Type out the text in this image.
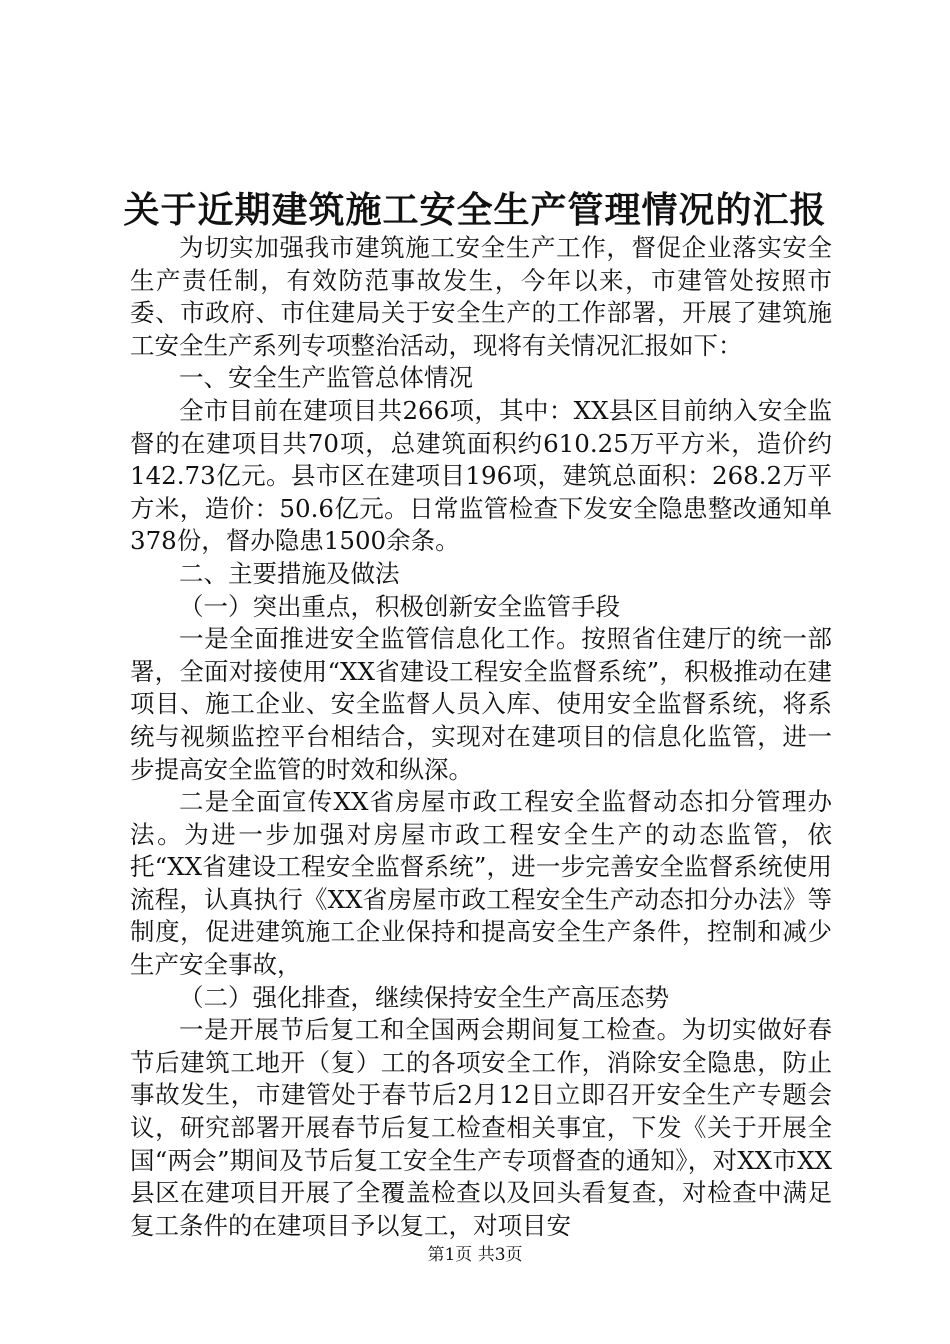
关于近期建筑施工安全生产管理情况的汇报

为切实加强我市建筑施工安全生产工作，督促企业落实安全生产责任制，有效防范事故发生，今年以来，市建管处按照市委、市政府、市住建局关于安全生产的工作部署，开展了建筑施工安全生产系列专项整治活动，现将有关情况汇报如下：

一、安全生产监管总体情况

全市目前在建项目共266项，其中：XX县区目前纳入安全监督的在建项目共70项，总建筑面积约610.25万平方米，造价约142.73亿元。县市区在建项目196项，建筑总面积：268.2万平方米，造价：50.6亿元。日常监管检查下发安全隐患整改通知单378份，督办隐患1500余条。

二、主要措施及做法

（一）突出重点，积极创新安全监管手段

一是全面推进安全监管信息化工作。按照省住建厅的统一部署，全面对接使用“XX省建设工程安全监督系统”，积极推动在建项目、施工企业、安全监督人员入库、使用安全监督系统，将系统与视频监控平台相结合，实现对在建项目的信息化监管，进一步提高安全监管的时效和纵深。

二是全面宣传XX省房屋市政工程安全监督动态扣分管理办法。为进一步加强对房屋市政工程安全生产的动态监管，依托“XX省建设工程安全监督系统”，进一步完善安全监督系统使用流程，认真执行《XX省房屋市政工程安全生产动态扣分办法》等制度，促进建筑施工企业保持和提高安全生产条件，控制和减少生产安全事故，

（二）强化排查，继续保持安全生产高压态势

一是开展节后复工和全国两会期间复工检查。为切实做好春节后建筑工地开（复）工的各项安全工作，消除安全隐患，防止事故发生，市建管处于春节后2月12日立即召开安全生产专题会议，研究部署开展春节后复工检查相关事宜，下发《关于开展全国“两会”期间及节后复工安全生产专项督查的通知》，对XX市XX县区在建项目开展了全覆盖检查以及回头看复查，对检查中满足复工条件的在建项目予以复工，对项目安

第1页 共3页
